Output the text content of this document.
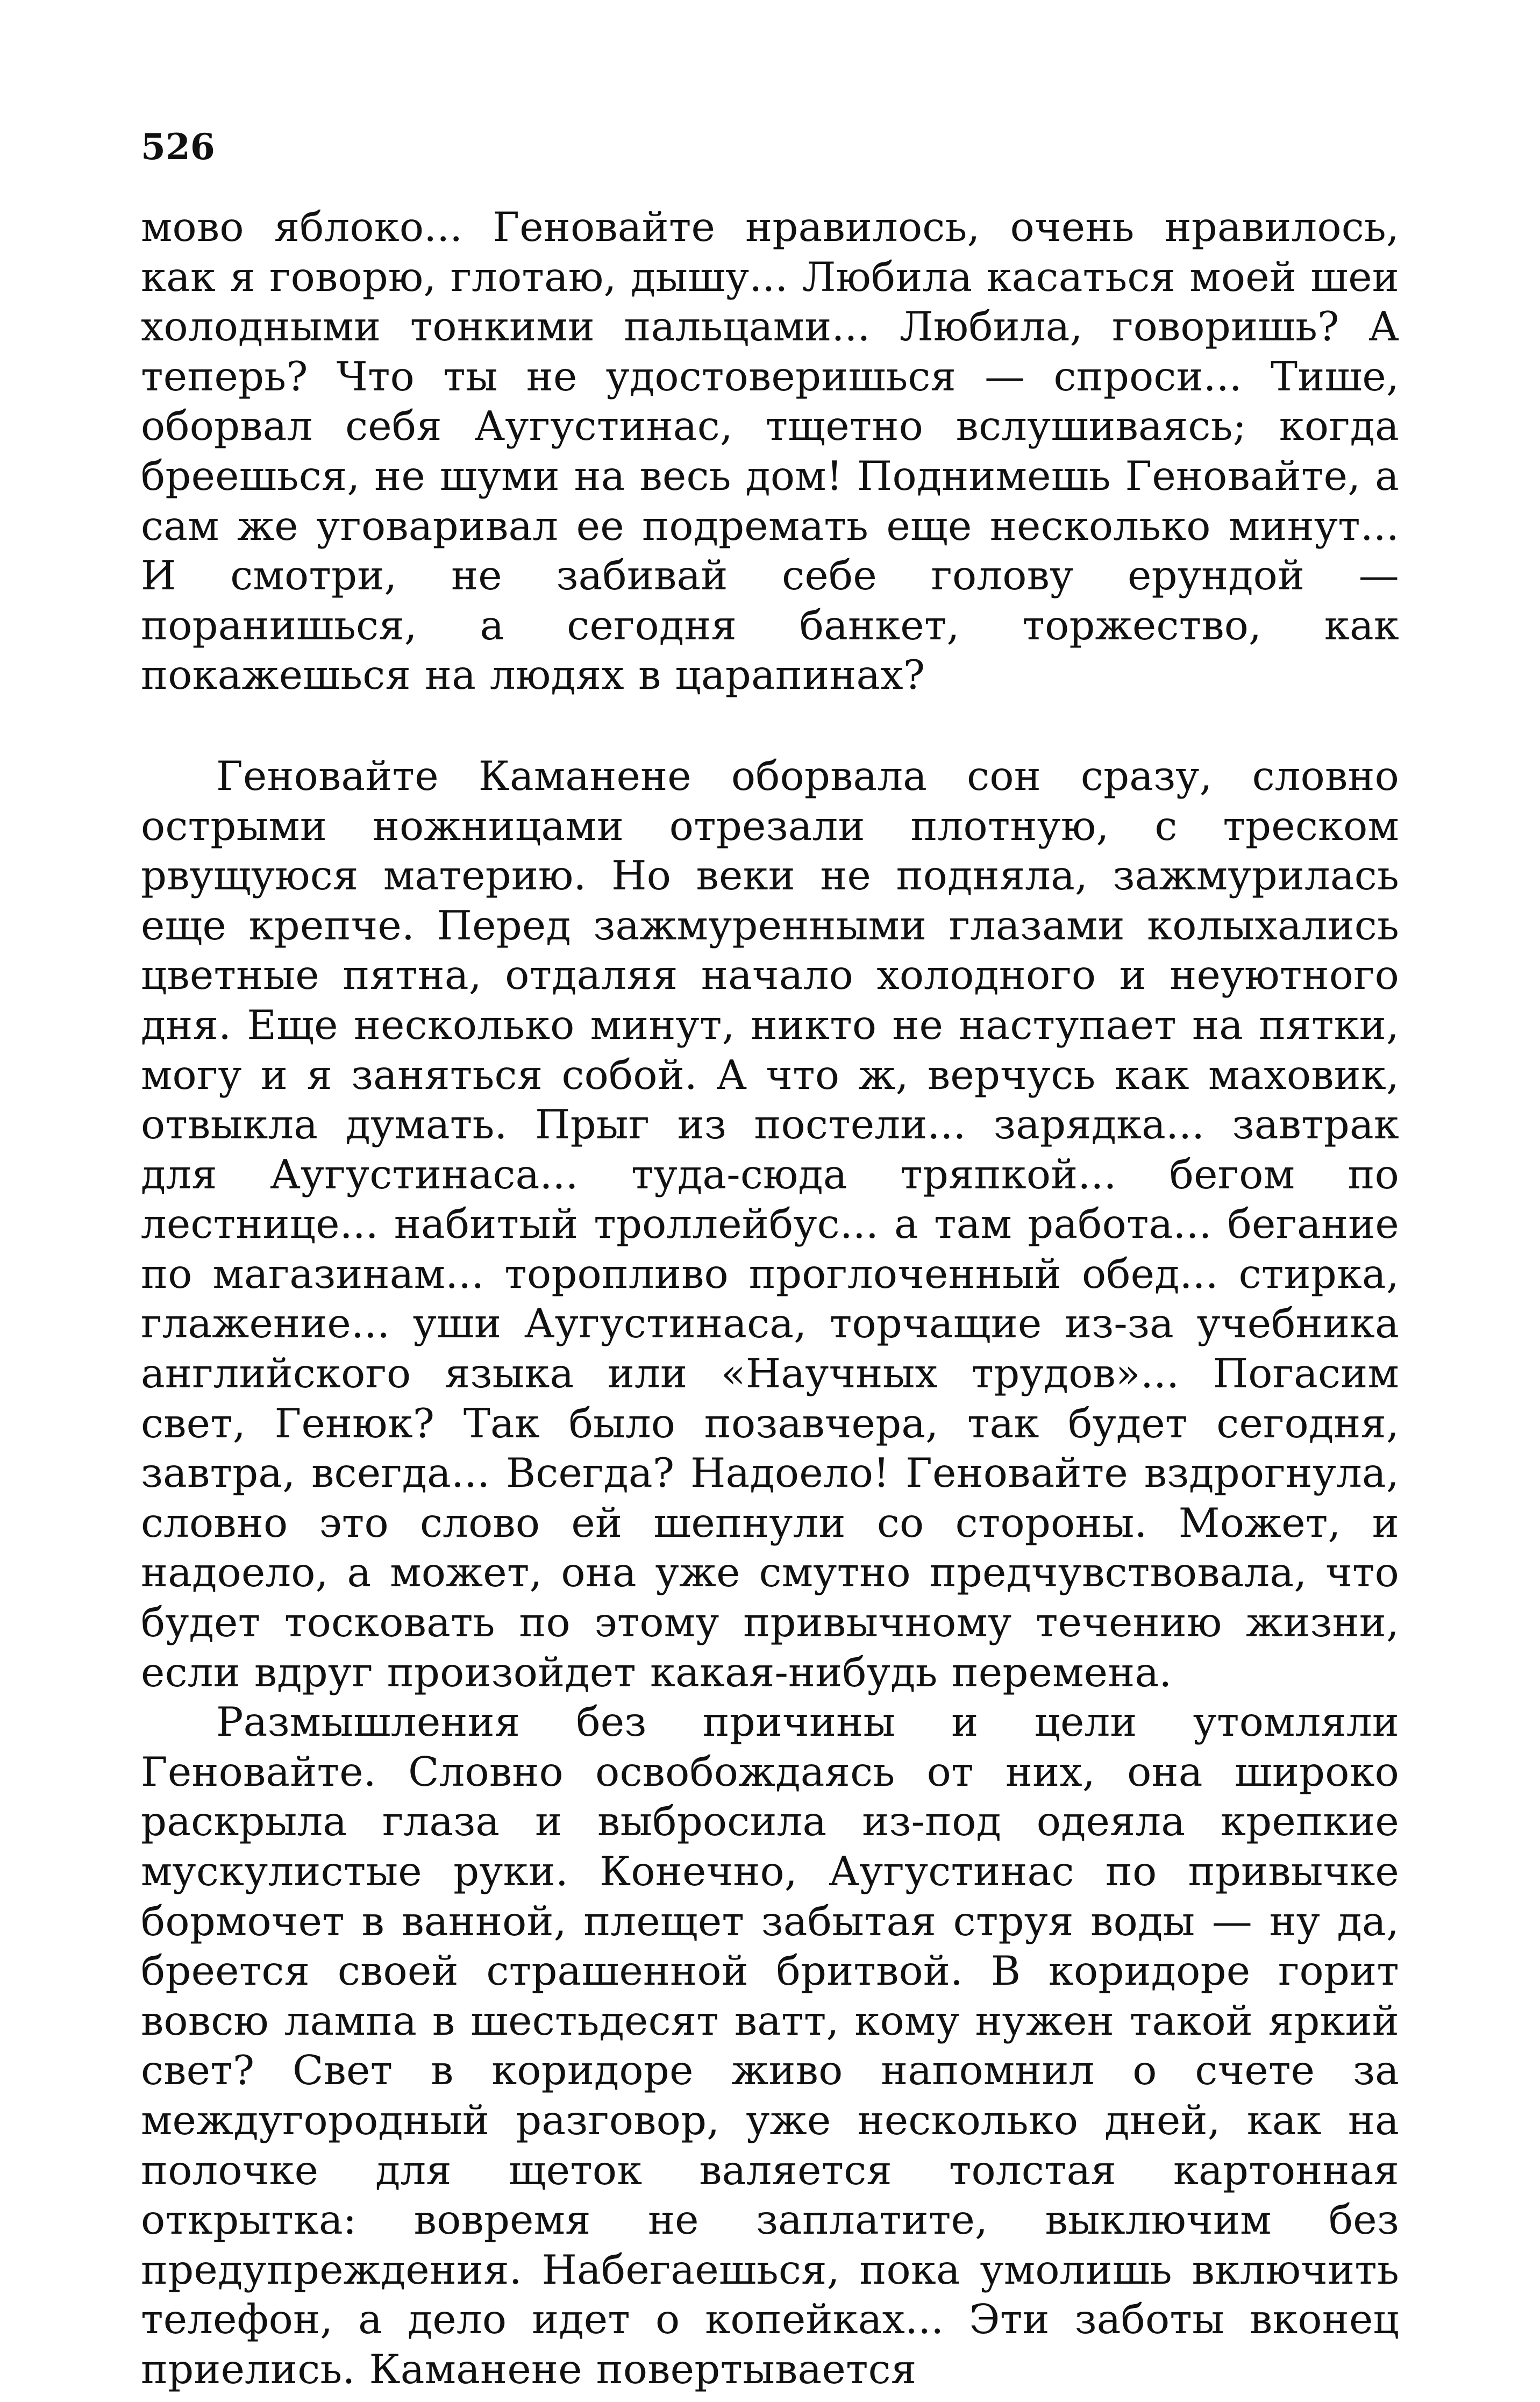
526

мово яблоко... Геновайте нравилось, очень нравилось, как я говорю, глотаю, дышу... Любила касаться моей шеи холодными тонкими пальцами... Любила, говоришь? А теперь? Что ты не удостоверишься — спроси... Тише, оборвал себя Аугустинас, тщетно вслушиваясь; когда бреешься, не шуми на весь дом! Поднимешь Геновайте, а сам же уговаривал ее подремать еще несколько минут... И смотри, не забивай себе голову ерундой — поранишься, а сегодня банкет, торжество, как покажешься на людях в царапинах?

Геновайте Каманене оборвала сон сразу, словно острыми ножницами отрезали плотную, с треском рвущуюся материю. Но веки не подняла, зажмурилась еще крепче. Перед зажмуренными глазами колыхались цветные пятна, отдаляя начало холодного и неуютного дня. Еще несколько минут, никто не наступает на пятки, могу и я заняться собой. А что ж, верчусь как маховик, отвыкла думать. Прыг из постели... зарядка... завтрак для Аугустинаса... туда-сюда тряпкой... бегом по лестнице... набитый троллейбус... а там работа... бегание по магазинам... торопливо проглоченный обед... стирка, глажение... уши Аугустинаса, торчащие из-за учебника английского языка или «Научных трудов»... Погасим свет, Генюк? Так было позавчера, так будет сегодня, завтра, всегда... Всегда? Надоело! Геновайте вздрогнула, словно это слово ей шепнули со стороны. Может, и надоело, а может, она уже смутно предчувствовала, что будет тосковать по этому привычному течению жизни, если вдруг произойдет какая-нибудь перемена.

Размышления без причины и цели утомляли Геновайте. Словно освобождаясь от них, она широко раскрыла глаза и выбросила из-под одеяла крепкие мускулистые руки. Конечно, Аугустинас по привычке бормочет в ванной, плещет забытая струя воды — ну да, бреется своей страшенной бритвой. В коридоре горит вовсю лампа в шестьдесят ватт, кому нужен такой яркий свет? Свет в коридоре живо напомнил о счете за междугородный разговор, уже несколько дней, как на полочке для щеток валяется толстая картонная открытка: вовремя не заплатите, выключим без предупреждения. Набегаешься, пока умолишь включить телефон, а дело идет о копейках... Эти заботы вконец приелись. Каманене повертывается
